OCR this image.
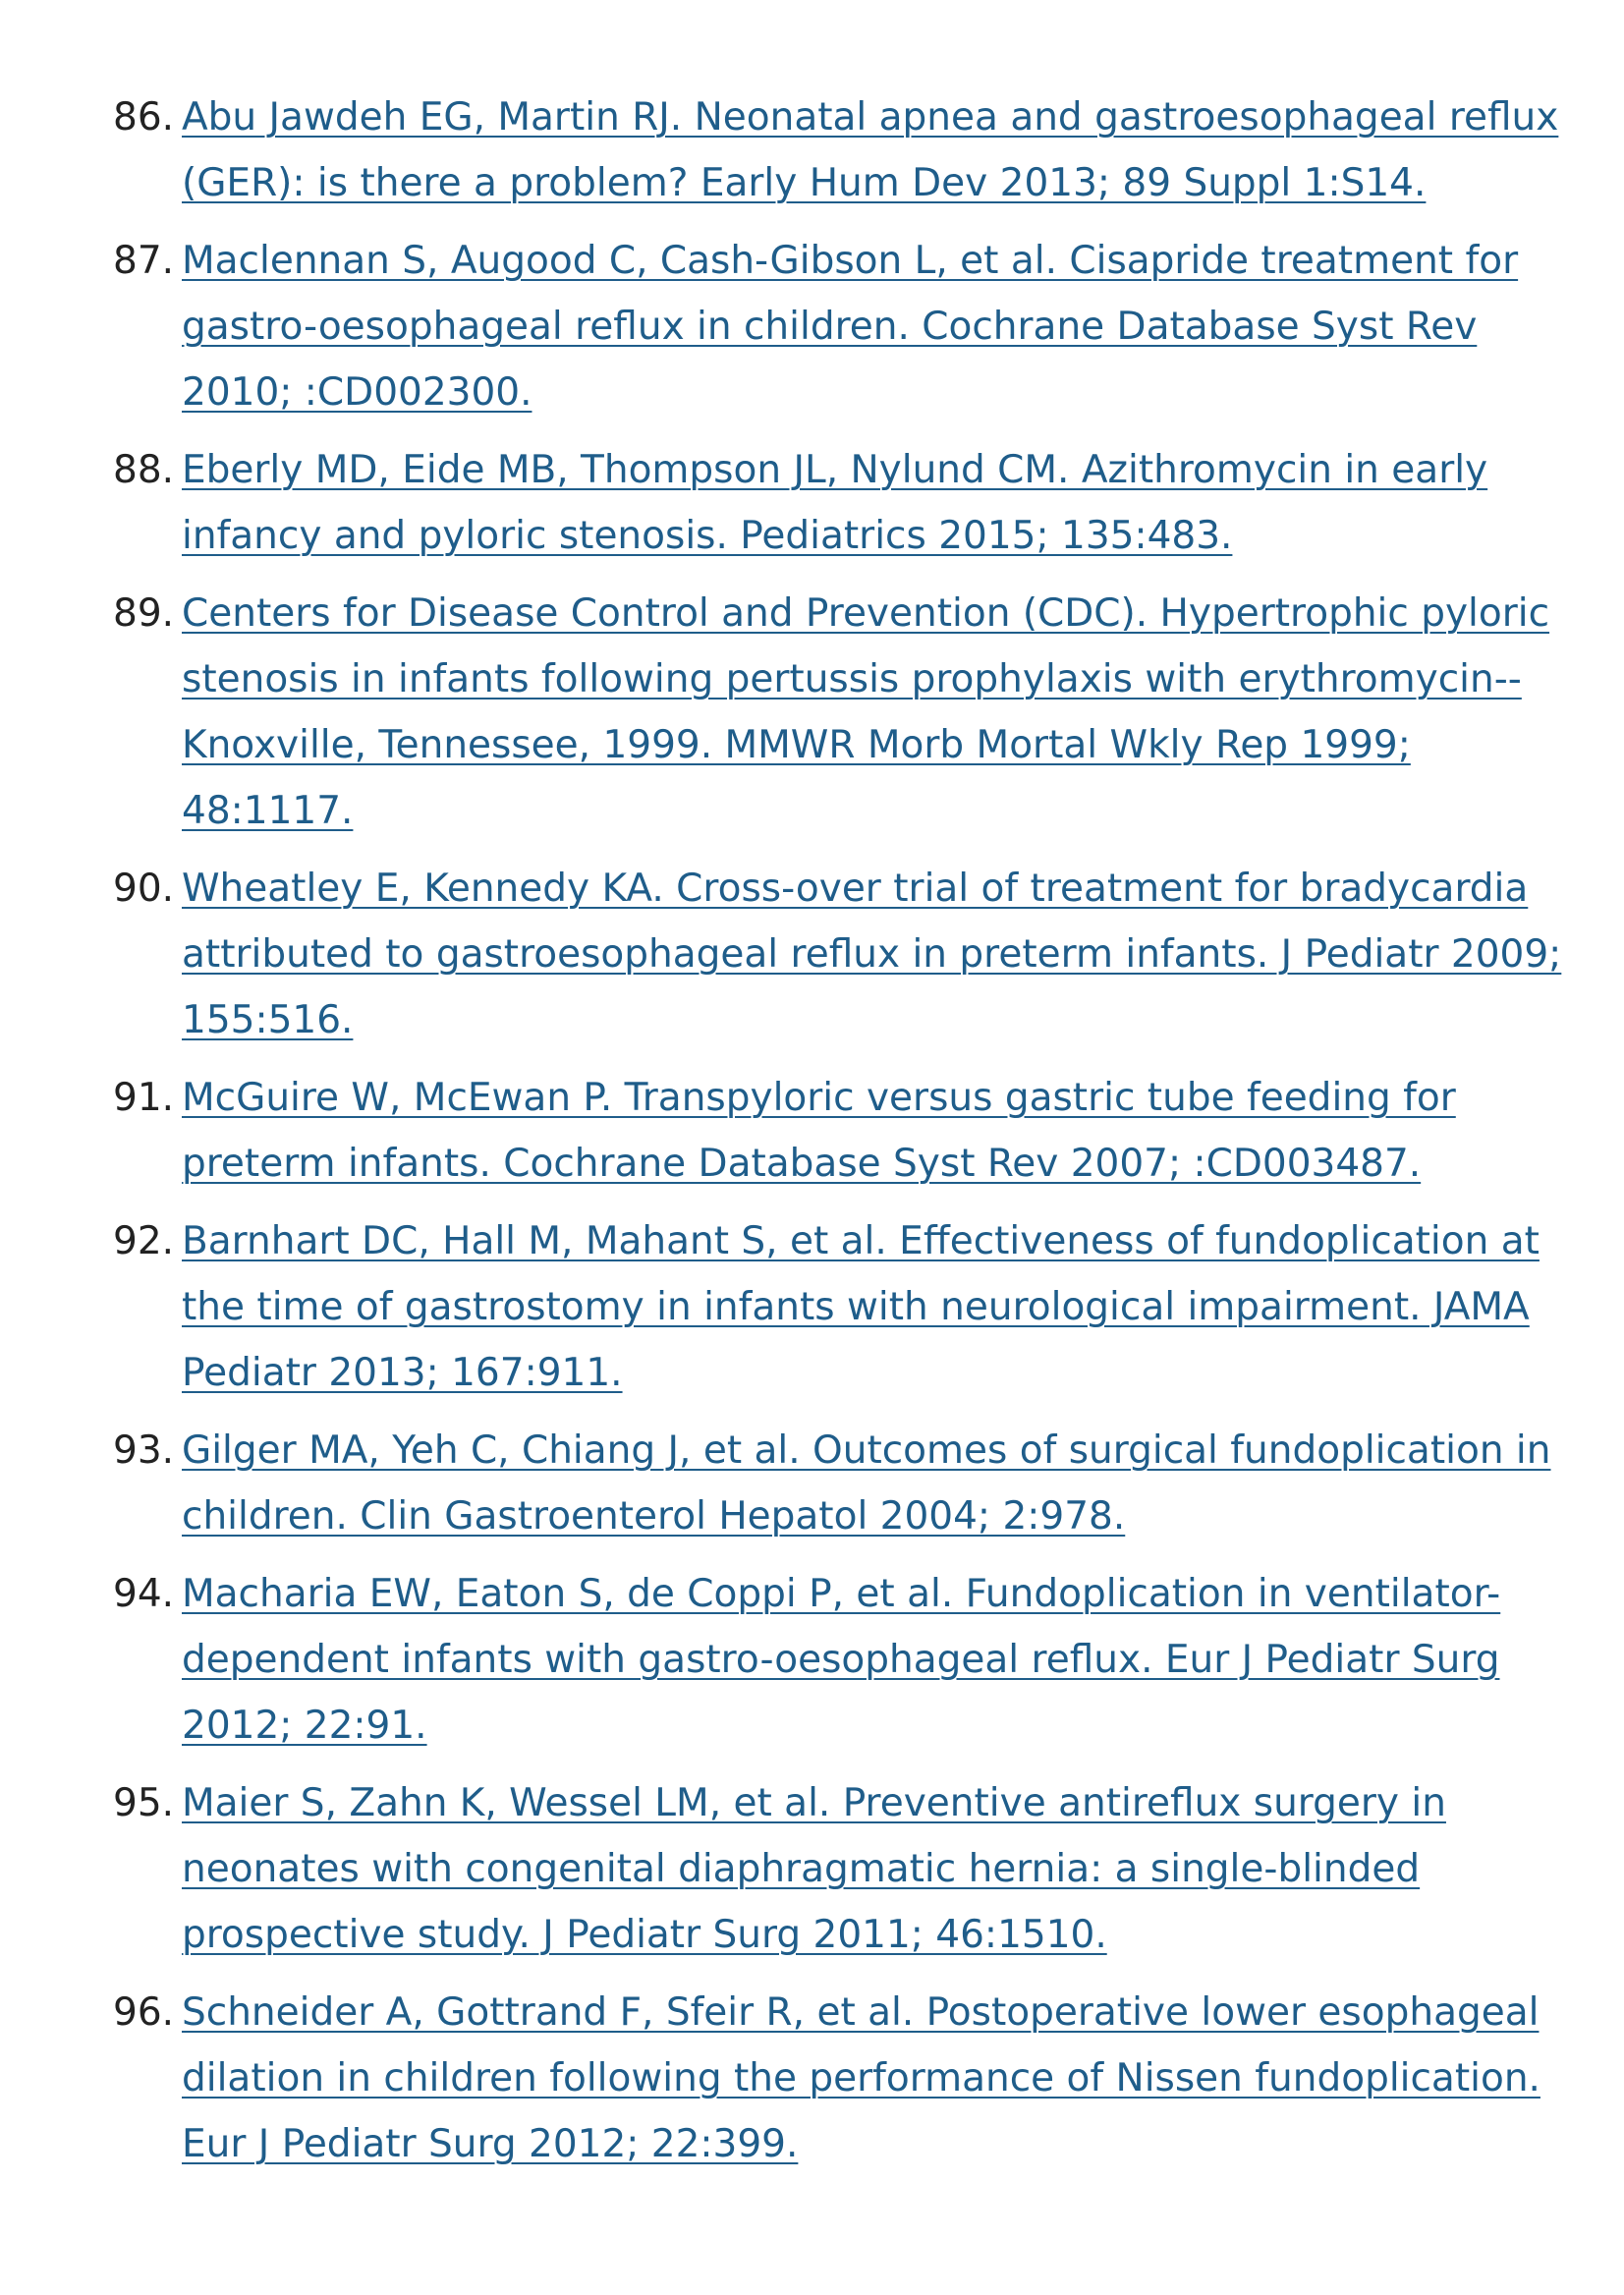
86. Abu Jawdeh EG, Martin RJ. Neonatal apnea and gastroesophageal reflux (GER): is there a problem? Early Hum Dev 2013; 89 Suppl 1:S14.
87. Maclennan S, Augood C, Cash-Gibson L, et al. Cisapride treatment for gastro-oesophageal reflux in children. Cochrane Database Syst Rev 2010; :CD002300.
88. Eberly MD, Eide MB, Thompson JL, Nylund CM. Azithromycin in early infancy and pyloric stenosis. Pediatrics 2015; 135:483.
89. Centers for Disease Control and Prevention (CDC). Hypertrophic pyloric stenosis in infants following pertussis prophylaxis with erythromycin--Knoxville, Tennessee, 1999. MMWR Morb Mortal Wkly Rep 1999; 48:1117.
90. Wheatley E, Kennedy KA. Cross-over trial of treatment for bradycardia attributed to gastroesophageal reflux in preterm infants. J Pediatr 2009; 155:516.
91. McGuire W, McEwan P. Transpyloric versus gastric tube feeding for preterm infants. Cochrane Database Syst Rev 2007; :CD003487.
92. Barnhart DC, Hall M, Mahant S, et al. Effectiveness of fundoplication at the time of gastrostomy in infants with neurological impairment. JAMA Pediatr 2013; 167:911.
93. Gilger MA, Yeh C, Chiang J, et al. Outcomes of surgical fundoplication in children. Clin Gastroenterol Hepatol 2004; 2:978.
94. Macharia EW, Eaton S, de Coppi P, et al. Fundoplication in ventilator-dependent infants with gastro-oesophageal reflux. Eur J Pediatr Surg 2012; 22:91.
95. Maier S, Zahn K, Wessel LM, et al. Preventive antireflux surgery in neonates with congenital diaphragmatic hernia: a single-blinded prospective study. J Pediatr Surg 2011; 46:1510.
96. Schneider A, Gottrand F, Sfeir R, et al. Postoperative lower esophageal dilation in children following the performance of Nissen fundoplication. Eur J Pediatr Surg 2012; 22:399.
